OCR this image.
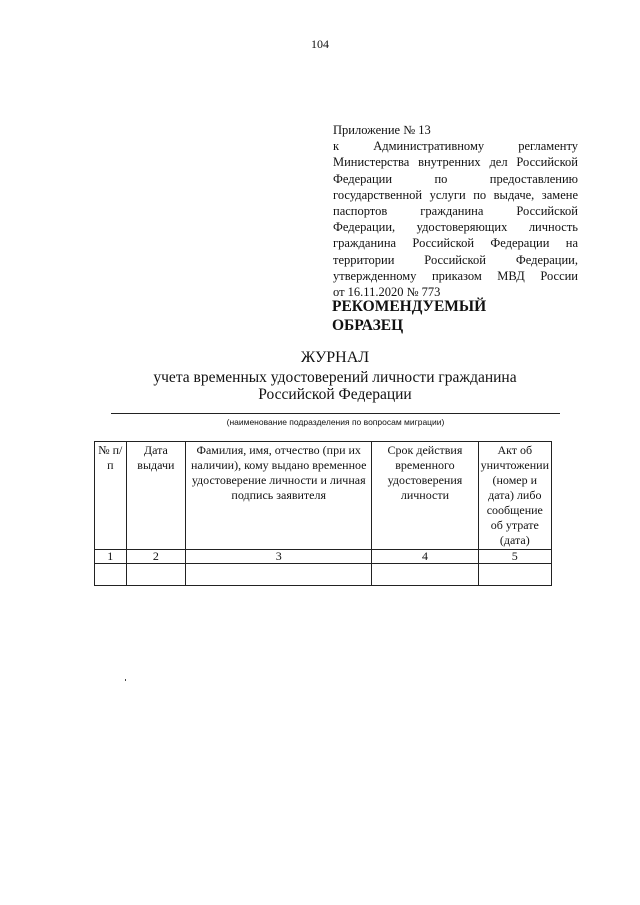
104
Приложение № 13
к Административному регламенту
Министерства внутренних дел Российской
Федерации по предоставлению
государственной услуги по выдаче, замене
паспортов гражданина Российской
Федерации, удостоверяющих личность
гражданина Российской Федерации на
территории Российской Федерации,
утвержденному приказом МВД России
от 16.11.2020 № 773
РЕКОМЕНДУЕМЫЙ
ОБРАЗЕЦ
ЖУРНАЛ
учета временных удостоверений личности гражданина
Российской Федерации
(наименование подразделения по вопросам миграции)
№ п/п	Дата выдачи	Фамилия, имя, отчество (при их наличии), кому выдано временное удостоверение личности и личная подпись заявителя	Срок действия временного удостоверения личности	Акт об уничтожении (номер и дата) либо сообщение об утрате (дата)
1	2	3	4	5
